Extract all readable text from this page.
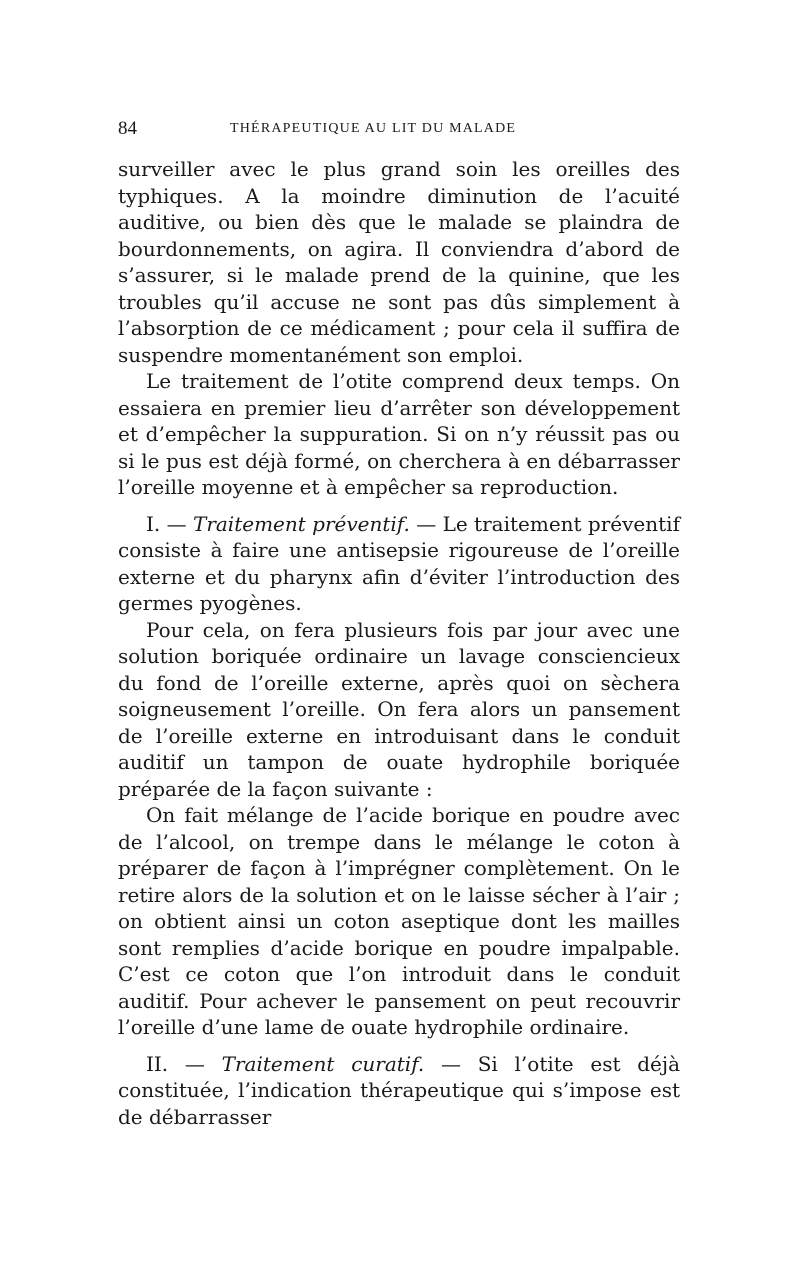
84	THÉRAPEUTIQUE AU LIT DU MALADE

surveiller avec le plus grand soin les oreilles des typhiques. A la moindre diminution de l’acuité auditive, ou bien dès que le malade se plaindra de bourdonnements, on agira. Il conviendra d’abord de s’assurer, si le malade prend de la quinine, que les troubles qu’il accuse ne sont pas dûs simplement à l’absorption de ce médicament ; pour cela il suffira de suspendre momentanément son emploi.

Le traitement de l’otite comprend deux temps. On essaiera en premier lieu d’arrêter son développement et d’empêcher la suppuration. Si on n’y réussit pas ou si le pus est déjà formé, on cherchera à en débarrasser l’oreille moyenne et à empêcher sa reproduction.

I. — Traitement préventif. — Le traitement préventif consiste à faire une antisepsie rigoureuse de l’oreille externe et du pharynx afin d’éviter l’introduction des germes pyogènes.

Pour cela, on fera plusieurs fois par jour avec une solution boriquée ordinaire un lavage consciencieux du fond de l’oreille externe, après quoi on sèchera soigneusement l’oreille. On fera alors un pansement de l’oreille externe en introduisant dans le conduit auditif un tampon de ouate hydrophile boriquée préparée de la façon suivante :

On fait mélange de l’acide borique en poudre avec de l’alcool, on trempe dans le mélange le coton à préparer de façon à l’imprégner complètement. On le retire alors de la solution et on le laisse sécher à l’air ; on obtient ainsi un coton aseptique dont les mailles sont remplies d’acide borique en poudre impalpable. C’est ce coton que l’on introduit dans le conduit auditif. Pour achever le pansement on peut recouvrir l’oreille d’une lame de ouate hydrophile ordinaire.

II. — Traitement curatif. — Si l’otite est déjà constituée, l’indication thérapeutique qui s’impose est de débarrasser
